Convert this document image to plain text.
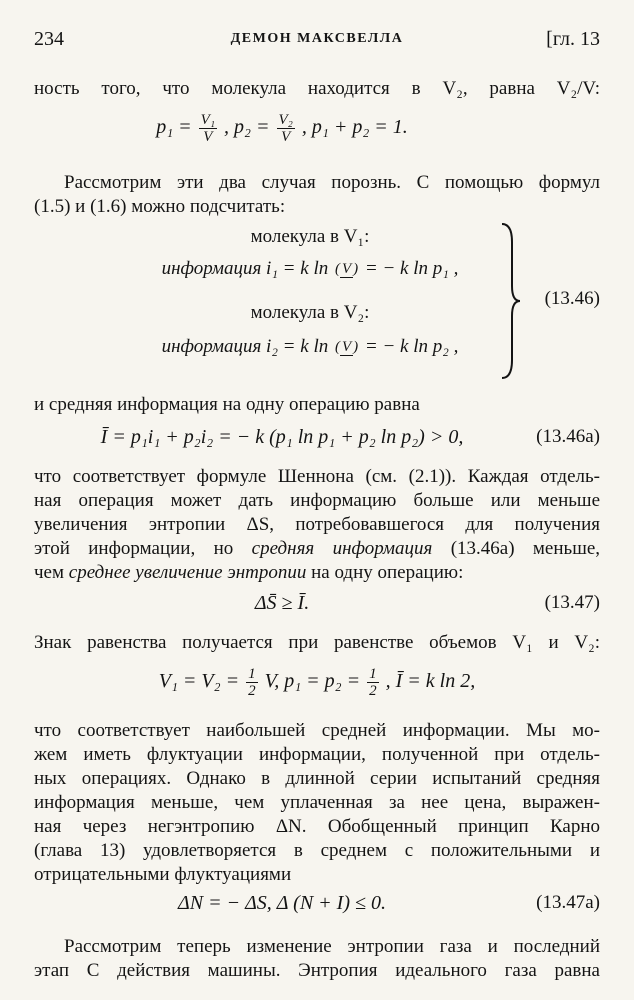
234	ДЕМОН МАКСВЕЛЛА	[гл. 13
ность того, что молекула находится в V₂, равна V₂/V:
$p_1 = \frac{\text{V₁}}{V}$ , $p_2 = \frac{\text{V₂}}{V}$ , p₁ + p₂ = 1.
Рассмотрим эти два случая порознь. С помощью формул
(1.5) и (1.6) можно подсчитать:
молекула в V₁:
информация i₁ = k ln ( V ) = − k ln p₁ ,
молекула в V₂:
информация i₂ = k ln ( V ) = − k ln p₂ ,
(13.46)
и средняя информация на одну операцию равна
Ī = p₁i₁ + p₂i₂ = − k (p₁ ln p₁ + p₂ ln p₂) > 0,	(13.46a)
что соответствует формуле Шеннона (см. (2.1)). Каждая отдель-
ная операция может дать информацию больше или меньше
увеличения энтропии ΔS, потребовавшегося для получения
этой информации, но средняя информация (13.46а) меньше,
чем среднее увеличение энтропии на одну операцию:
ΔS̄ ≥ Ī.	(13.47)
Знак равенства получается при равенстве объемов V₁ и V₂:
$V_1 = V_2 = \frac{1}{2} V$, $p_1 = p_2 = \frac{1}{2}$ , Ī = k ln 2,
что соответствует наибольшей средней информации. Мы мо-
жем иметь флуктуации информации, полученной при отдель-
ных операциях. Однако в длинной серии испытаний средняя
информация меньше, чем уплаченная за нее цена, выражен-
ная через негэнтропию ΔN. Обобщенный принцип Карно
(глава 13) удовлетворяется в среднем с положительными и
отрицательными флуктуациями
ΔN = − ΔS, Δ (N + I) ≤ 0.	(13.47a)
Рассмотрим теперь изменение энтропии газа и последний
этап C действия машины. Энтропия идеального газа равна
